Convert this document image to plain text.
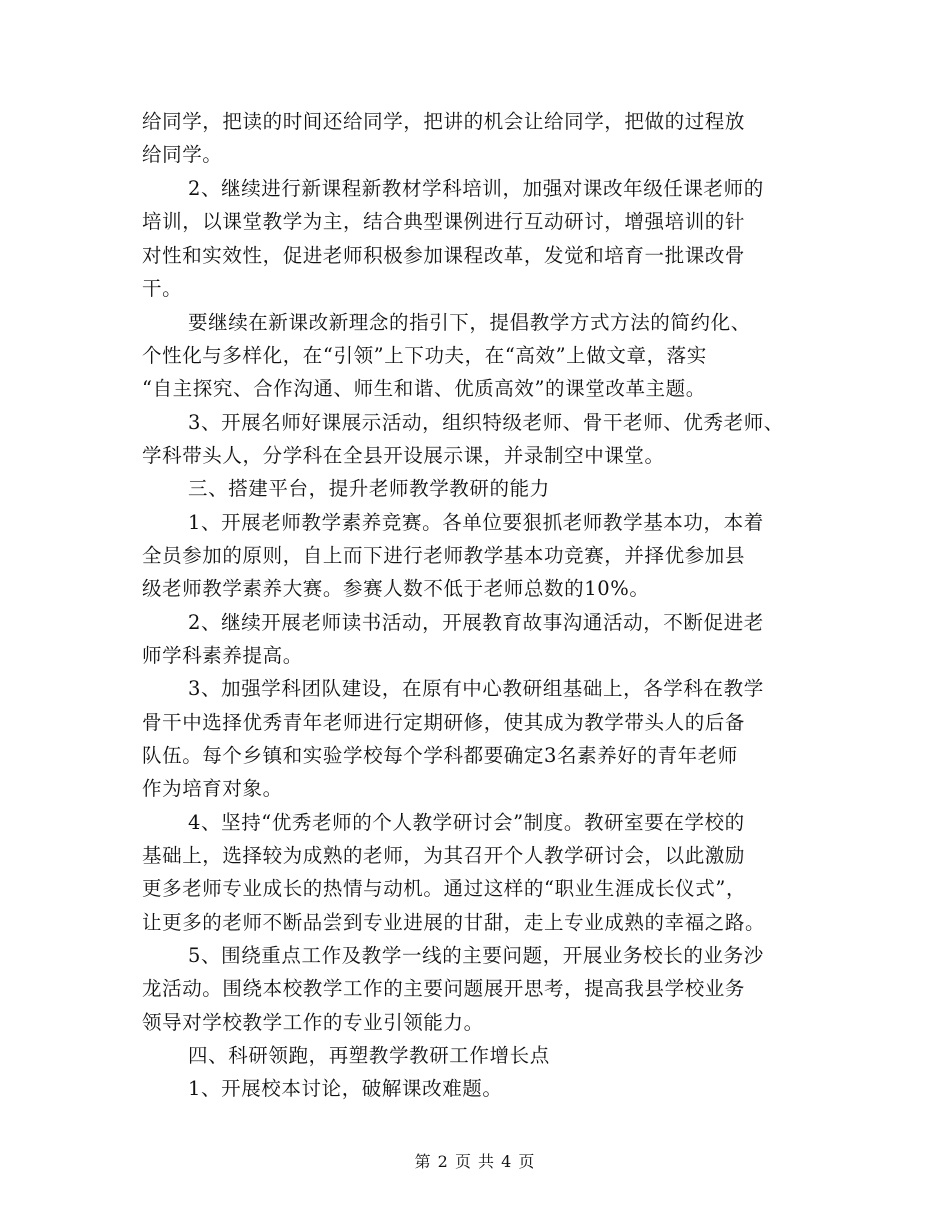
给同学，把读的时间还给同学，把讲的机会让给同学，把做的过程放
给同学。
2、继续进行新课程新教材学科培训，加强对课改年级任课老师的
培训，以课堂教学为主，结合典型课例进行互动研讨，增强培训的针
对性和实效性，促进老师积极参加课程改革，发觉和培育一批课改骨
干。
要继续在新课改新理念的指引下，提倡教学方式方法的简约化、
个性化与多样化，在“引领”上下功夫，在“高效”上做文章，落实
“自主探究、合作沟通、师生和谐、优质高效”的课堂改革主题。
3、开展名师好课展示活动，组织特级老师、骨干老师、优秀老师、
学科带头人，分学科在全县开设展示课，并录制空中课堂。
三、搭建平台，提升老师教学教研的能力
1、开展老师教学素养竞赛。各单位要狠抓老师教学基本功，本着
全员参加的原则，自上而下进行老师教学基本功竞赛，并择优参加县
级老师教学素养大赛。参赛人数不低于老师总数的10%。
2、继续开展老师读书活动，开展教育故事沟通活动，不断促进老
师学科素养提高。
3、加强学科团队建设，在原有中心教研组基础上，各学科在教学
骨干中选择优秀青年老师进行定期研修，使其成为教学带头人的后备
队伍。每个乡镇和实验学校每个学科都要确定3名素养好的青年老师
作为培育对象。
4、坚持“优秀老师的个人教学研讨会”制度。教研室要在学校的
基础上，选择较为成熟的老师，为其召开个人教学研讨会，以此激励
更多老师专业成长的热情与动机。通过这样的“职业生涯成长仪式”，
让更多的老师不断品尝到专业进展的甘甜，走上专业成熟的幸福之路。
5、围绕重点工作及教学一线的主要问题，开展业务校长的业务沙
龙活动。围绕本校教学工作的主要问题展开思考，提高我县学校业务
领导对学校教学工作的专业引领能力。
四、科研领跑，再塑教学教研工作增长点
1、开展校本讨论，破解课改难题。
第 2 页 共 4 页
